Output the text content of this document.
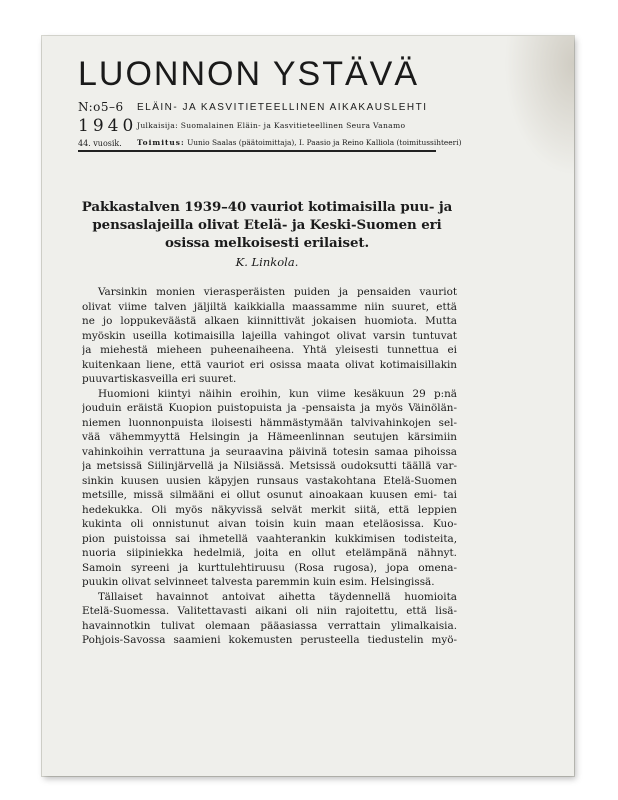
LUONNON YSTÄVÄ
N:o5–6
1940
44. vuosik.
ELÄIN- JA KASVITIETEELLINEN AIKAKAUSLEHTI
Julkaisija: Suomalainen Eläin- ja Kasvitieteellinen Seura Vanamo
Toimitus: Uunio Saalas (päätoimittaja), I. Paasio ja Reino Kalliola (toimitussihteeri)
Pakkastalven 1939–40 vauriot kotimaisilla puu- ja
pensaslajeilla olivat Etelä- ja Keski-Suomen eri
osissa melkoisesti erilaiset.
K. Linkola.
Varsinkin monien vierasperäisten puiden ja pensaiden vauriot
olivat viime talven jäljiltä kaikkialla maassamme niin suuret, että
ne jo loppukeväästä alkaen kiinnittivät jokaisen huomiota. Mutta
myöskin useilla kotimaisilla lajeilla vahingot olivat varsin tuntuvat
ja miehestä mieheen puheenaiheena. Yhtä yleisesti tunnettua ei
kuitenkaan liene, että vauriot eri osissa maata olivat kotimaisillakin
puuvartiskasveilla eri suuret.
Huomioni kiintyi näihin eroihin, kun viime kesäkuun 29 p:nä
jouduin eräistä Kuopion puistopuista ja -pensaista ja myös Väinölän-
niemen luonnonpuista iloisesti hämmästymään talvivahinkojen sel-
vää vähemmyyttä Helsingin ja Hämeenlinnan seutujen kärsimiin
vahinkoihin verrattuna ja seuraavina päivinä totesin samaa pihoissa
ja metsissä Siilinjärvellä ja Nilsiässä. Metsissä oudoksutti täällä var-
sinkin kuusen uusien käpyjen runsaus vastakohtana Etelä-Suomen
metsille, missä silmääni ei ollut osunut ainoakaan kuusen emi- tai
hedekukka. Oli myös näkyvissä selvät merkit siitä, että leppien
kukinta oli onnistunut aivan toisin kuin maan eteläosissa. Kuo-
pion puistoissa sai ihmetellä vaahterankin kukkimisen todisteita,
nuoria siipiniekka hedelmiä, joita en ollut etelämpänä nähnyt.
Samoin syreeni ja kurttulehtiruusu (Rosa rugosa), jopa omena-
puukin olivat selvinneet talvesta paremmin kuin esim. Helsingissä.
Tällaiset havainnot antoivat aihetta täydennellä huomioita
Etelä-Suomessa. Valitettavasti aikani oli niin rajoitettu, että lisä-
havainnotkin tulivat olemaan pääasiassa verrattain ylimalkaisia.
Pohjois-Savossa saamieni kokemusten perusteella tiedustelin myö-
